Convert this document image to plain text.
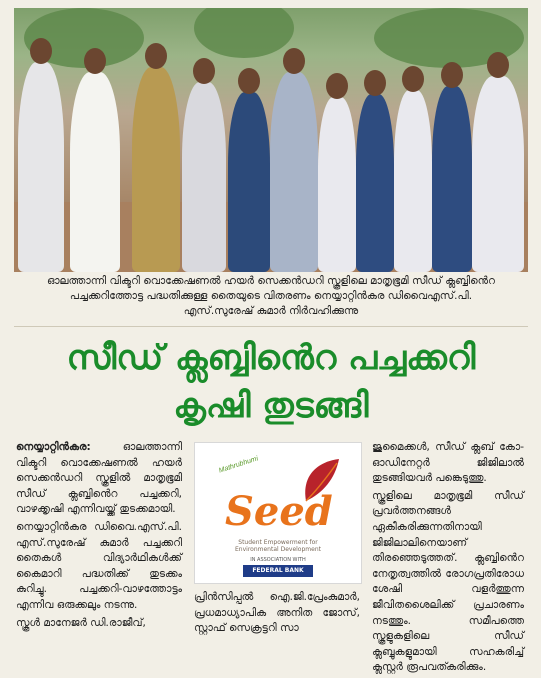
ഓലത്താന്നി വിക്ടറി വൊക്കേഷണൽ ഹയർ സെക്കൻഡറി സ്കൂളിലെ മാതൃഭൂമി സീഡ് ക്ലബ്ബിൻെറ
പച്ചക്കറിത്തോട്ട പദ്ധതിക്കുള്ള തൈയുടെ വിതരണം നെയ്യാറ്റിൻകര ഡിവൈഎസ്.പി.
എസ്.സുരേഷ് കുമാർ നിർവഹിക്കുന്നു
സീഡ് ക്ലബ്ബിൻെറ പച്ചക്കറി
കൃഷി തുടങ്ങി

നെയ്യാറ്റിൻകര: ഓലത്താന്നി വിക്ടറി വൊക്കേഷണൽ ഹയർ സെക്കൻഡറി സ്കൂളിൽ മാതൃഭൂമി സീഡ് ക്ലബ്ബിൻെറ പച്ചക്കറി, വാഴക്കൃഷി എന്നിവയ്ക്ക് തുടക്കമായി.

നെയ്യാറ്റിൻകര ഡിവൈ.എസ്.പി. എസ്.സുരേഷ് കുമാർ പച്ചക്കറി തൈകൾ വിദ്യാർഥികൾക്ക് കൈമാറി പദ്ധതിക്ക് തുടക്കം കുറിച്ചു. പച്ചക്കറി-വാഴത്തോട്ടം എന്നിവ ഒരുക്കലും നടന്നു.

സ്കൂൾ മാനേജർ ഡി.രാജീവ്,

Mathrubhumi
Seed
Student Empowerment for
Environmental Development
IN ASSOCIATION WITH
FEDERAL BANK

പ്രിൻസിപ്പൽ ഐ.ജി.പ്രേംകുമാർ, പ്രധമാധ്യാപിക അനിത ജോസ്, സ്റ്റാഫ് സെക്രട്ടറി സാ

ജുമൈക്കൾ, സീഡ് ക്ലബ് കോ-ഓഡിനേറ്റർ ജിജിലാൽ തുടങ്ങിയവർ പങ്കെടുത്തു.

സ്കൂളിലെ മാതൃഭൂമി സീഡ് പ്രവർത്തനങ്ങൾ ഏകീകരിക്കുന്നതിനായി ജിജിലാലിനെയാണ് തിരഞ്ഞെടുത്തത്. ക്ലബ്ബിൻെറ നേതൃത്വത്തിൽ രോഗപ്രതിരോധ ശേഷി വളർത്തുന്ന ജീവിതശൈലിക്ക് പ്രചാരണം നടത്തും. സമീപത്തെ സ്കൂളുകളിലെ സീഡ് ക്ലബ്ബുകളുമായി സഹകരിച്ച് ക്ലസ്റ്റർ രൂപവത്കരിക്കും.
